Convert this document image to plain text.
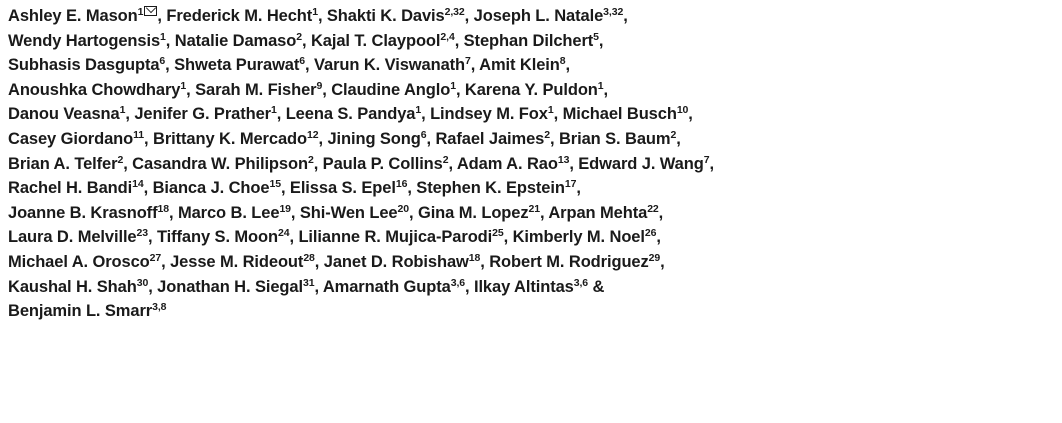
Ashley E. Mason$^1$ , Frederick M. Hecht$^1$, Shakti K. Davis$^{2,32}$, Joseph L. Natale$^{3,32}$,
Wendy Hartogensis$^1$, Natalie Damaso$^2$, Kajal T. Claypool$^{2,4}$, Stephan Dilchert$^5$,
Subhasis Dasgupta$^6$, Shweta Purawat$^6$, Varun K. Viswanath$^7$, Amit Klein$^8$,
Anoushka Chowdhary$^1$, Sarah M. Fisher$^9$, Claudine Anglo$^1$, Karena Y. Puldon$^1$,
Danou Veasna$^1$, Jenifer G. Prather$^1$, Leena S. Pandya$^1$, Lindsey M. Fox$^1$, Michael Busch$^{10}$,
Casey Giordano$^{11}$, Brittany K. Mercado$^{12}$, Jining Song$^6$, Rafael Jaimes$^2$, Brian S. Baum$^2$,
Brian A. Telfer$^2$, Casandra W. Philipson$^2$, Paula P. Collins$^2$, Adam A. Rao$^{13}$, Edward J. Wang$^7$,
Rachel H. Bandi$^{14}$, Bianca J. Choe$^{15}$, Elissa S. Epel$^{16}$, Stephen K. Epstein$^{17}$,
Joanne B. Krasnoff$^{18}$, Marco B. Lee$^{19}$, Shi-Wen Lee$^{20}$, Gina M. Lopez$^{21}$, Arpan Mehta$^{22}$,
Laura D. Melville$^{23}$, Tiffany S. Moon$^{24}$, Lilianne R. Mujica-Parodi$^{25}$, Kimberly M. Noel$^{26}$,
Michael A. Orosco$^{27}$, Jesse M. Rideout$^{28}$, Janet D. Robishaw$^{18}$, Robert M. Rodriguez$^{29}$,
Kaushal H. Shah$^{30}$, Jonathan H. Siegal$^{31}$, Amarnath Gupta$^{3,6}$, Ilkay Altintas$^{3,6}$ &
Benjamin L. Smarr$^{3,8}$
